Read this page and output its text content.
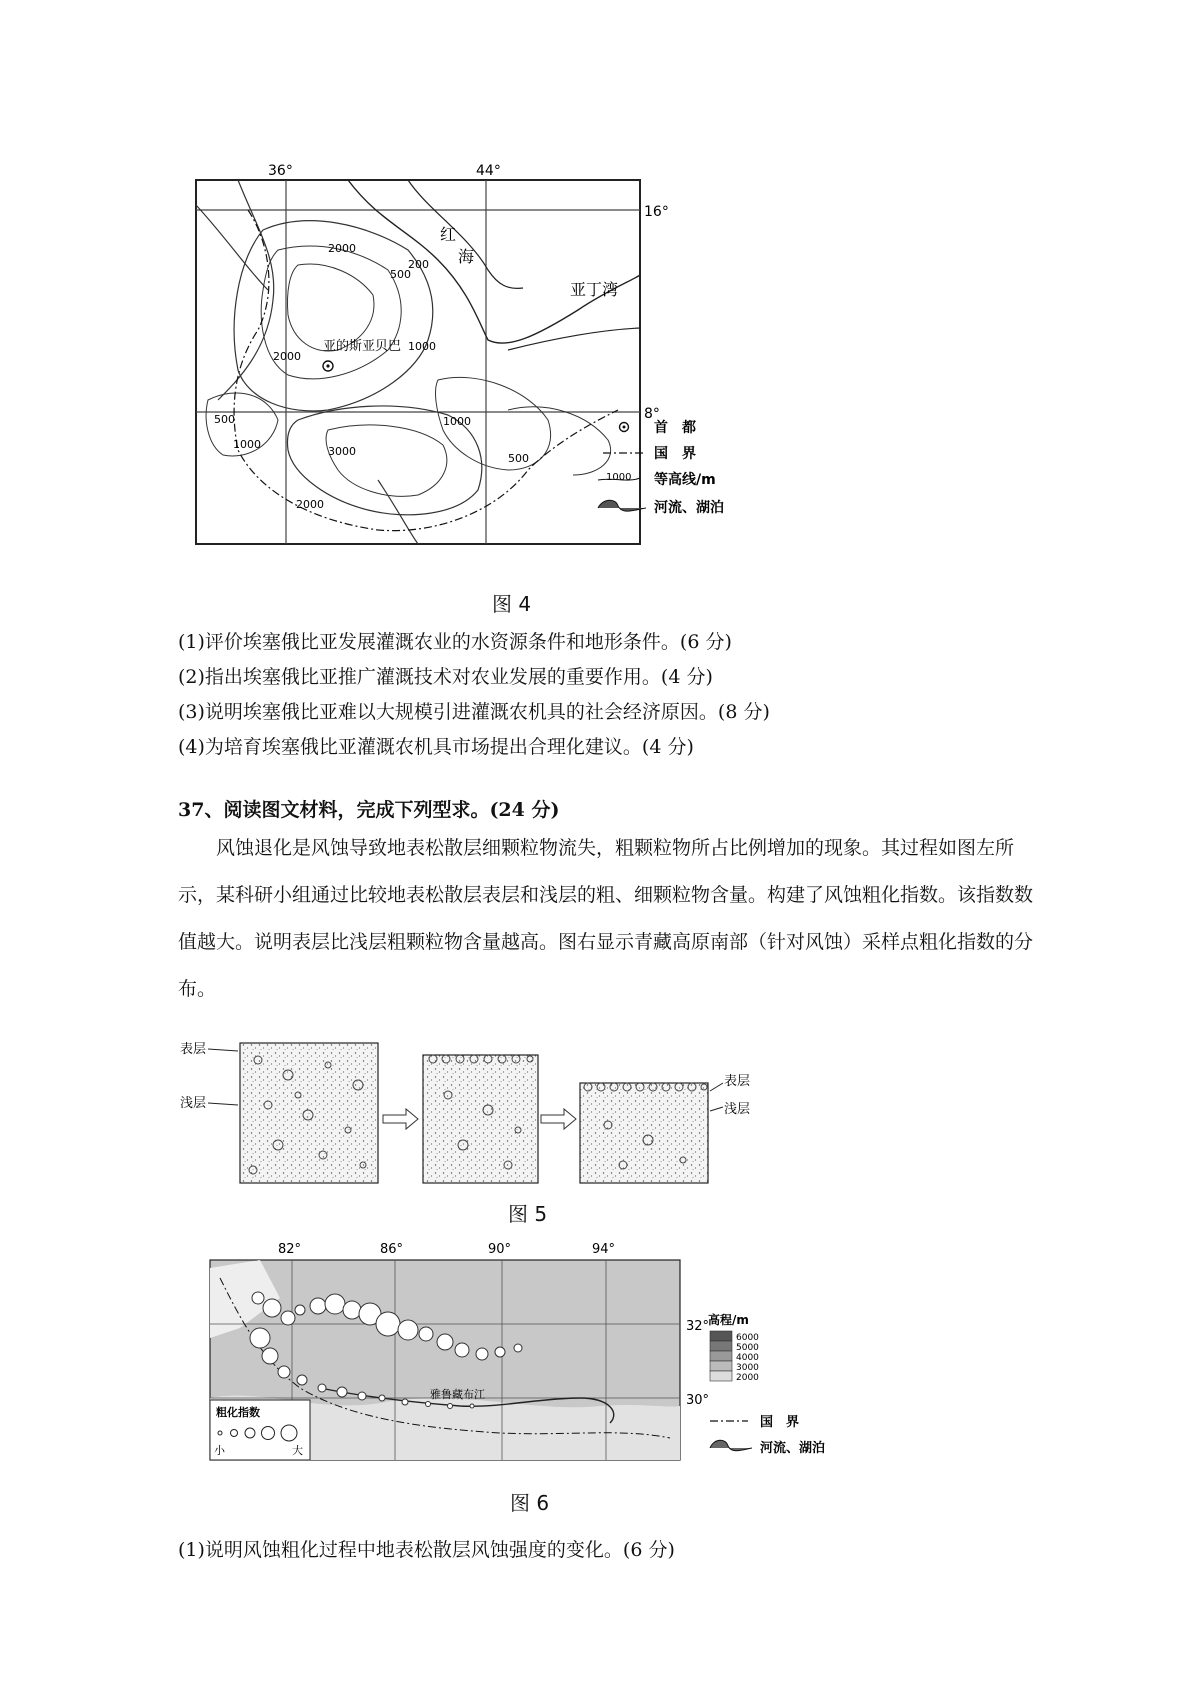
36°	44°
16°
8°
红
海
亚丁湾
2000
500
200
1000
2000
500
1000
1000
3000
500
2000
亚的斯亚贝巴
首　都
国　界
1000 等高线/m
河流、湖泊
图 4
(1)评价埃塞俄比亚发展灌溉农业的水资源条件和地形条件。(6 分)
(2)指出埃塞俄比亚推广灌溉技术对农业发展的重要作用。(4 分)
(3)说明埃塞俄比亚难以大规模引进灌溉农机具的社会经济原因。(8 分)
(4)为培育埃塞俄比亚灌溉农机具市场提出合理化建议。(4 分)
37、阅读图文材料，完成下列型求。(24 分)
风蚀退化是风蚀导致地表松散层细颗粒物流失，粗颗粒物所占比例增加的现象。其过程如图左所示，某科研小组通过比较地表松散层表层和浅层的粗、细颗粒物含量。构建了风蚀粗化指数。该指数数值越大。说明表层比浅层粗颗粒物含量越高。图右显示青藏高原南部（针对风蚀）采样点粗化指数的分布。
表层
浅层
表层
浅层
图 5
82°	86°	90°	94°
32°
30°
雅鲁藏布江
粗化指数
小	大
高程/m
6000
5000
4000
3000
2000
国　界
河流、湖泊
图 6
(1)说明风蚀粗化过程中地表松散层风蚀强度的变化。(6 分)
